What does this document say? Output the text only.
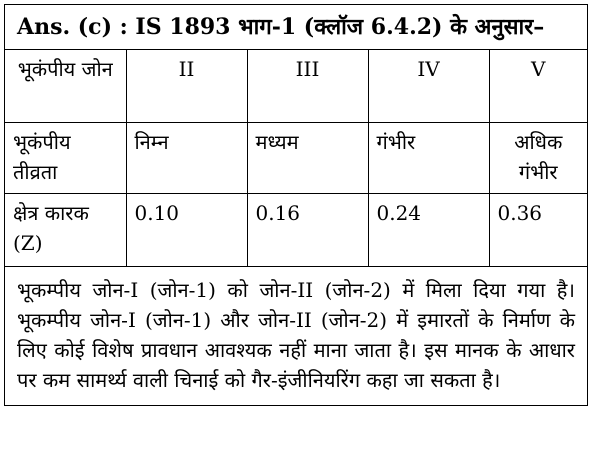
Ans. (c) : IS 1893 भाग-1 (क्लॉज 6.4.2) के अनुसार–
भूकंपीय जोन	II	III	IV	V
भूकंपीय तीव्रता	निम्न	मध्यम	गंभीर	अधिक गंभीर
क्षेत्र कारक (Z)	0.10	0.16	0.24	0.36
भूकम्पीय जोन-I (जोन-1) को जोन-II (जोन-2) में मिला दिया गया है। भूकम्पीय जोन-I (जोन-1) और जोन-II (जोन-2) में इमारतों के निर्माण के लिए कोई विशेष प्रावधान आवश्यक नहीं माना जाता है। इस मानक के आधार पर कम सामर्थ्य वाली चिनाई को गैर-इंजीनियरिंग कहा जा सकता है।
